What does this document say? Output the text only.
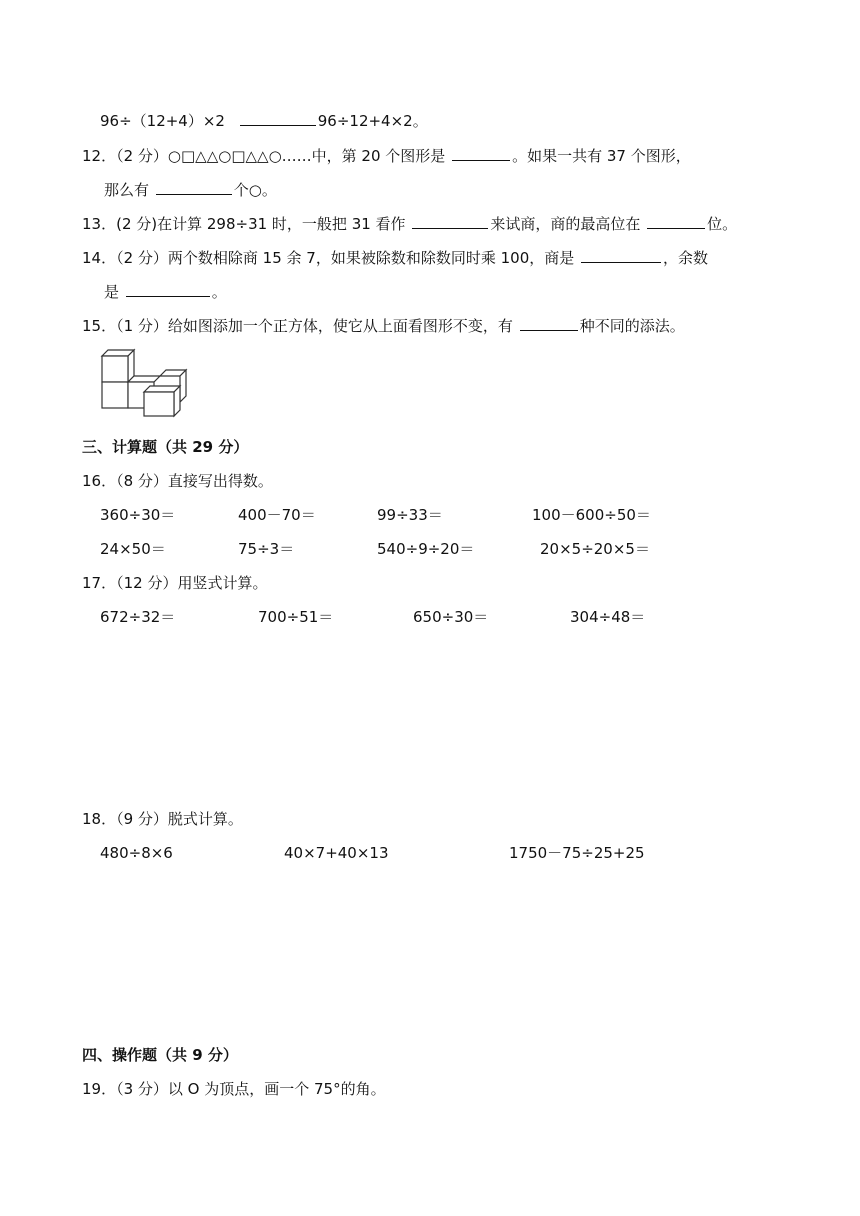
96÷（12+4）×2	96÷12+4×2。
12．（2 分）○□△△○□△△○……中，第 20 个图形是	。如果一共有 37 个图形，
那么有	个○。
13．(2 分)在计算 298÷31 时，一般把 31 看作	来试商，商的最高位在	位。
14．（2 分）两个数相除商 15 余 7，如果被除数和除数同时乘 100，商是	，余数
是	。
15．（1 分）给如图添加一个正方体，使它从上面看图形不变，有	种不同的添法。
三、计算题（共 29 分）
16．（8 分）直接写出得数。
360÷30＝	400－70＝	99÷33＝	100－600÷50＝
24×50＝	75÷3＝	540÷9÷20＝	20×5÷20×5＝
17．（12 分）用竖式计算。
672÷32＝	700÷51＝	650÷30＝	304÷48＝
18．（9 分）脱式计算。
480÷8×6	40×7+40×13	1750－75÷25+25
四、操作题（共 9 分）
19．（3 分）以 O 为顶点，画一个 75°的角。
